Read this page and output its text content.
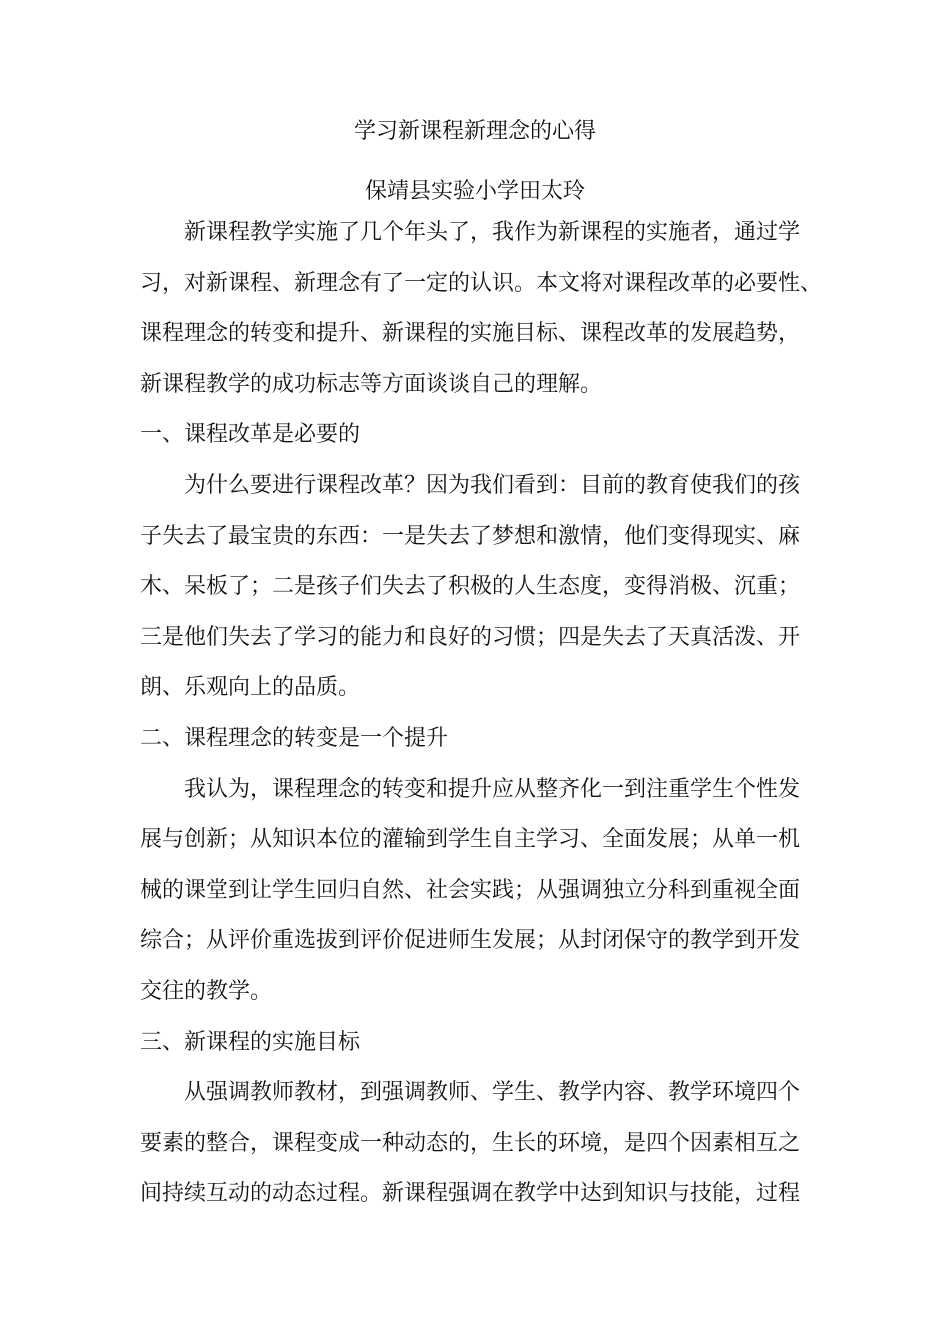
学习新课程新理念的心得
保靖县实验小学田太玲
新课程教学实施了几个年头了，我作为新课程的实施者，通过学
习，对新课程、新理念有了一定的认识。本文将对课程改革的必要性、
课程理念的转变和提升、新课程的实施目标、课程改革的发展趋势，
新课程教学的成功标志等方面谈谈自己的理解。
一、课程改革是必要的
为什么要进行课程改革？因为我们看到：目前的教育使我们的孩
子失去了最宝贵的东西：一是失去了梦想和激情，他们变得现实、麻
木、呆板了；二是孩子们失去了积极的人生态度，变得消极、沉重；
三是他们失去了学习的能力和良好的习惯；四是失去了天真活泼、开
朗、乐观向上的品质。
二、课程理念的转变是一个提升
我认为，课程理念的转变和提升应从整齐化一到注重学生个性发
展与创新；从知识本位的灌输到学生自主学习、全面发展；从单一机
械的课堂到让学生回归自然、社会实践；从强调独立分科到重视全面
综合；从评价重选拔到评价促进师生发展；从封闭保守的教学到开发
交往的教学。
三、新课程的实施目标
从强调教师教材，到强调教师、学生、教学内容、教学环境四个
要素的整合，课程变成一种动态的，生长的环境，是四个因素相互之
间持续互动的动态过程。新课程强调在教学中达到知识与技能，过程
